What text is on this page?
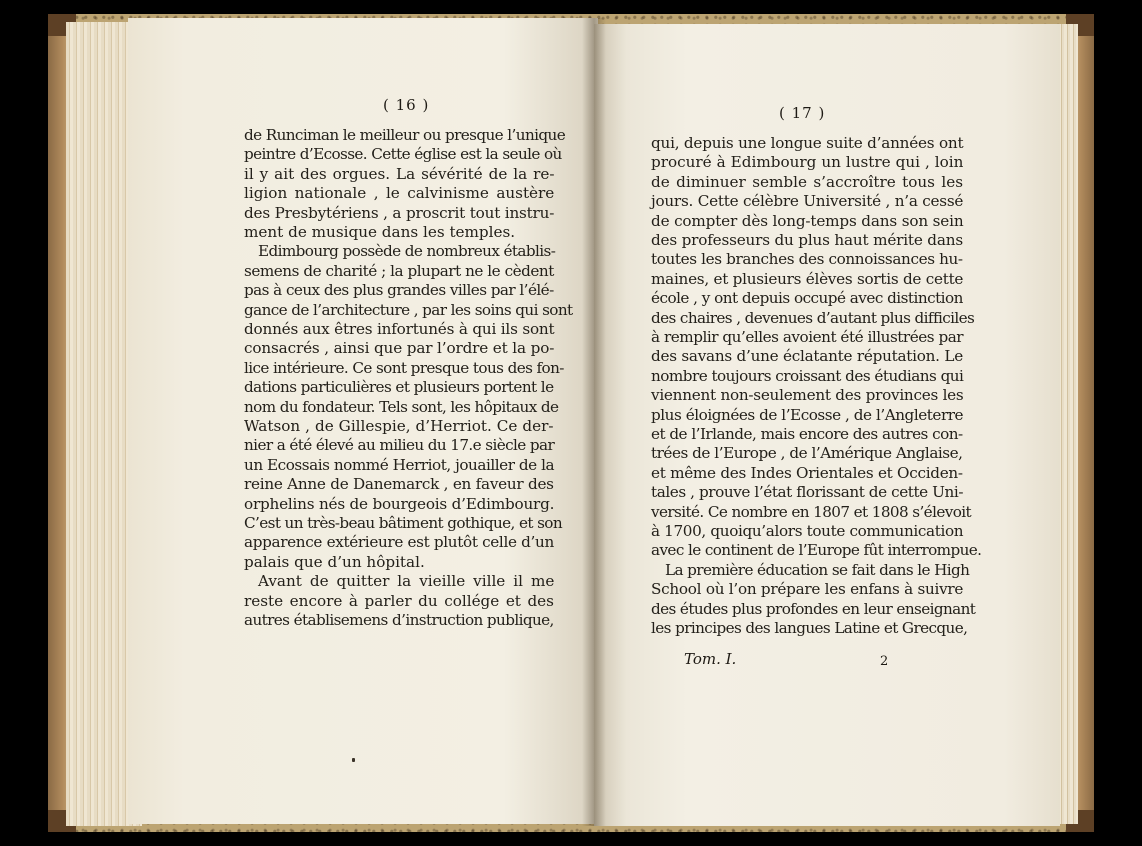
( 16 )	( 17 )
de Runciman le meilleur ou presque l’unique
peintre d’Ecosse. Cette église est la seule où
il y ait des orgues. La sévérité de la re-
ligion nationale , le calvinisme austère
des Presbytériens , a proscrit tout instru-
ment de musique dans les temples.
Edimbourg possède de nombreux établis-
semens de charité ; la plupart ne le cèdent
pas à ceux des plus grandes villes par l’élé-
gance de l’architecture , par les soins qui sont
donnés aux êtres infortunés à qui ils sont
consacrés , ainsi que par l’ordre et la po-
lice intérieure. Ce sont presque tous des fon-
dations particulières et plusieurs portent le
nom du fondateur. Tels sont, les hôpitaux de
Watson , de Gillespie, d’Herriot. Ce der-
nier a été élevé au milieu du 17.e siècle par
un Ecossais nommé Herriot, jouailler de la
reine Anne de Danemarck , en faveur des
orphelins nés de bourgeois d’Edimbourg.
C’est un très-beau bâtiment gothique, et son
apparence extérieure est plutôt celle d’un
palais que d’un hôpital.
Avant de quitter la vieille ville il me
reste encore à parler du collége et des
autres établisemens d’instruction publique,
qui, depuis une longue suite d’années ont
procuré à Edimbourg un lustre qui , loin
de diminuer semble s’accroître tous les
jours. Cette célèbre Université , n’a cessé
de compter dès long-temps dans son sein
des professeurs du plus haut mérite dans
toutes les branches des connoissances hu-
maines, et plusieurs élèves sortis de cette
école , y ont depuis occupé avec distinction
des chaires , devenues d’autant plus difficiles
à remplir qu’elles avoient été illustrées par
des savans d’une éclatante réputation. Le
nombre toujours croissant des étudians qui
viennent non-seulement des provinces les
plus éloignées de l’Ecosse , de l’Angleterre
et de l’Irlande, mais encore des autres con-
trées de l’Europe , de l’Amérique Anglaise,
et même des Indes Orientales et Occiden-
tales , prouve l’état florissant de cette Uni-
versité. Ce nombre en 1807 et 1808 s’élevoit
à 1700, quoiqu’alors toute communication
avec le continent de l’Europe fût interrompue.
La première éducation se fait dans le High
School où l’on prépare les enfans à suivre
des études plus profondes en leur enseignant
les principes des langues Latine et Grecque,
Tom. I.	2
